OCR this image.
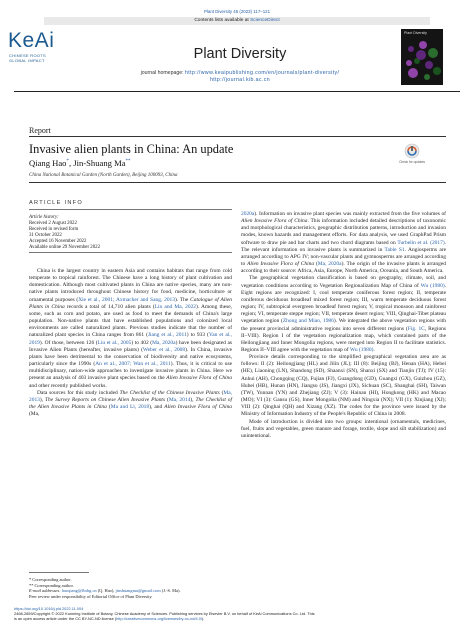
Plant Diversity 45 (2023) 117–121
Contents lists available at ScienceDirect
KeAi
CHINESE ROOTS
GLOBAL IMPACT	Plant Diversity
journal homepage: http://www.keaipublishing.com/en/journals/plant-diversity/
http://journal.kib.ac.cn
Plant Diversity
Report
Invasive alien plants in China: An update
Check for updates
Qiang Hao*, Jin-Shuang Ma**
China National Botanical Garden (North Garden), Beijing 100093, China
ARTICLE INFO
Article history:
Received 2 August 2022
Received in revised form
31 October 2022
Accepted 16 November 2022
Available online 29 November 2022

China is the largest country in eastern Asia and contains habitats that range from cold temperate to tropical rainforest. The Chinese have a long history of plant cultivation and domestication. Although most cultivated plants in China are native species, many are non-native plants introduced throughout Chinese history for food, medicine, horticulture or ornamental purposes (Xie et al., 2001; Axmacher and Sang, 2013). The Catalogue of Alien Plants in China records a total of 14,710 alien plants (Lin and Ma, 2022). Among these, some, such as corn and potato, are used as food to meet the demands of China's large population. Non-native plants that have established populations and colonized local environments are called naturalized plants. Previous studies indicate that the number of naturalized plant species in China ranges from 861 (Jiang et al., 2011) to 933 (Yan et al., 2019). Of those, between 126 (Liu et al., 2005) to 402 (Ma, 2020a) have been designated as Invasive Alien Plants (hereafter, invasive plants) (Weber et al., 2008). In China, invasive plants have been detrimental to the conservation of biodiversity and native ecosystems, particularly since the 1990s (An et al., 2007; Wan et al., 2011). Thus, it is critical to use multidisciplinary, nation-wide approaches to investigate invasive plants in China. Here we present an analysis of 403 invasive plant species based on the Alien Invasive Flora of China and other recently published works.

Data sources for this study included The Checklist of the Chinese Invasive Plants (Ma, 2013), The Survey Reports on Chinese Alien Invasive Plants (Ma, 2014), The Checklist of the Alien Invasive Plants in China (Ma and Li, 2018), and Alien Invasive Flora of China (Ma,

* Corresponding author.
** Corresponding author.
E-mail addresses: haoqiang@fbdrg.cn (Q. Hao), jinshuangma@gmail.com (J.-S. Ma).
Peer review under responsibility of Editorial Office of Plant Diversity.

2020a). Information on invasive plant species was mainly extracted from the five volumes of Alien Invasive Flora of China. This information included detailed descriptions of taxonomic and morphological characteristics, geographic distribution patterns, introduction and invasion modes, known hazards and management efforts. For data analysis, we used GraphPad Prism software to draw pie and bar charts and two chord diagrams based on Turbelin et al. (2017). The relevant information on invasive plants is summarized in Table S1. Angiosperms are arranged according to APG IV; non-vascular plants and gymnosperms are arranged according to Alien Invasive Flora of China (Ma, 2020a). The origin of the invasive plants is arranged according to their source: Africa, Asia, Europe, North America, Oceania, and South America.

The geographical vegetation classification is based on geography, climate, soil, and vegetation conditions according to Vegetation Regionalization Map of China of Wu (1980). Eight regions are recognized: I, cool temperate coniferous forest region; II, temperate coniferous deciduous broadleaf mixed forest region; III, warm temperate deciduous forest region; IV, subtropical evergreen broadleaf forest region; V, tropical monsoon and rainforest region; VI, temperate steppe region; VII, temperate desert region; VIII, Qinghai-Tibet plateau vegetation region (Zhong and Miao, 1986). We integrated the above vegetation regions with the present provincial administrative regions into seven different regions (Fig. 1C, Regions II–VIII). Region I of the vegetation regionalization map, which contained parts of the Heilongjiang and Inner Mongolia regions, were merged into Region II to facilitate statistics. Regions II–VIII agree with the vegetation map of Wu (1980).

Province details corresponding to the simplified geographical vegetation area are as follows: II (2): Heilongjiang (HL) and Jilin (JL); III (8): Beijing (BJ), Henan (HA), Hebei (HE), Liaoning (LN), Shandong (SD), Shaanxi (SN), Shanxi (SX) and Tianjin (TJ); IV (15): Anhui (AH), Chongqing (CQ), Fujian (FJ), Guangdong (GD), Guangxi (GX), Guizhou (GZ), Hubei (HB), Hunan (HN), Jiangsu (JS), Jiangxi (JX), Sichuan (SC), Shanghai (SH), Taiwan (TW), Yunnan (YN) and Zhejiang (ZJ); V (3): Hainan (HI), Hongkong (HK) and Macao (MO); VI (3): Gansu (GS), Inner Mongolia (NM) and Ningxia (NX); VII (1): Xinjiang (XJ); VIII (2): Qinghai (QH) and Xizang (XZ). The codes for the province were issued by the Ministry of Information Industry of the People's Republic of China in 2008.

Mode of introduction is divided into two groups: intentional (ornamentals, medicines, fuel, fruits and vegetables, green manure and forage, textile, slope and silt stabilization) and unintentional.

https://doi.org/10.1016/j.pld.2022.11.004
2468-2659/Copyright © 2022 Kunming Institute of Botany, Chinese Academy of Sciences. Publishing services by Elsevier B.V. on behalf of KeAi Communications Co. Ltd. This
is an open access article under the CC BY-NC-ND license (http://creativecommons.org/licenses/by-nc-nd/4.0/).
